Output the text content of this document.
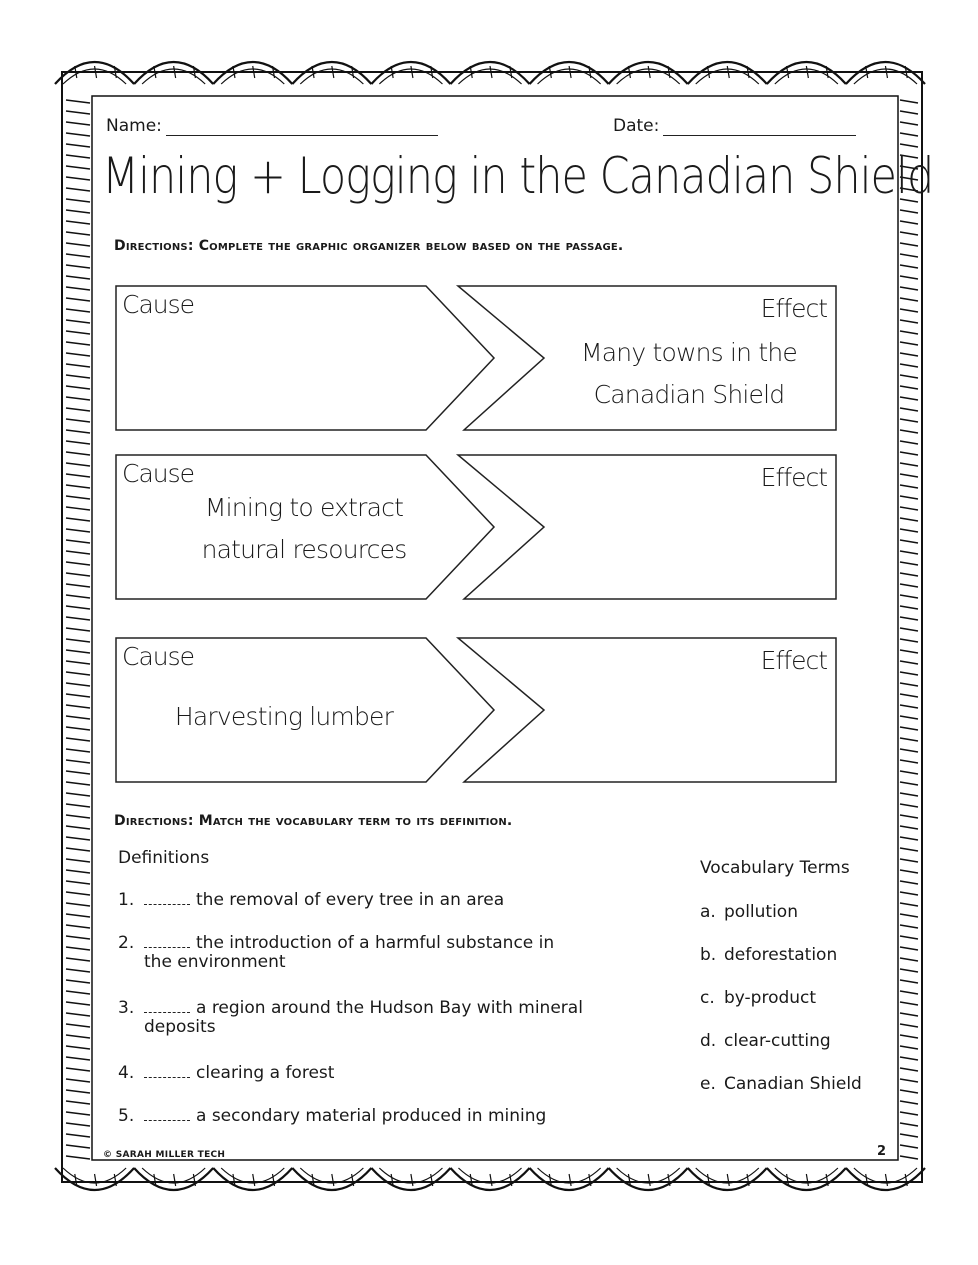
Name:	Date:
Mining + Logging in the Canadian Shield
Directions: Complete the graphic organizer below based on the passage.
Cause	Effect
Many towns in the Canadian Shield
Cause	Effect
Mining to extract natural resources
Cause	Effect
Harvesting lumber
Directions: Match the vocabulary term to its definition.
Definitions	Vocabulary Terms
1.	the removal of every tree in an area
2.	the introduction of a harmful substance in
the environment
3.	a region around the Hudson Bay with mineral
deposits
4.	clearing a forest
5.	a secondary material produced in mining
a. pollution
b. deforestation
c. by-product
d. clear-cutting
e. Canadian Shield
© SARAH MILLER TECH	2
